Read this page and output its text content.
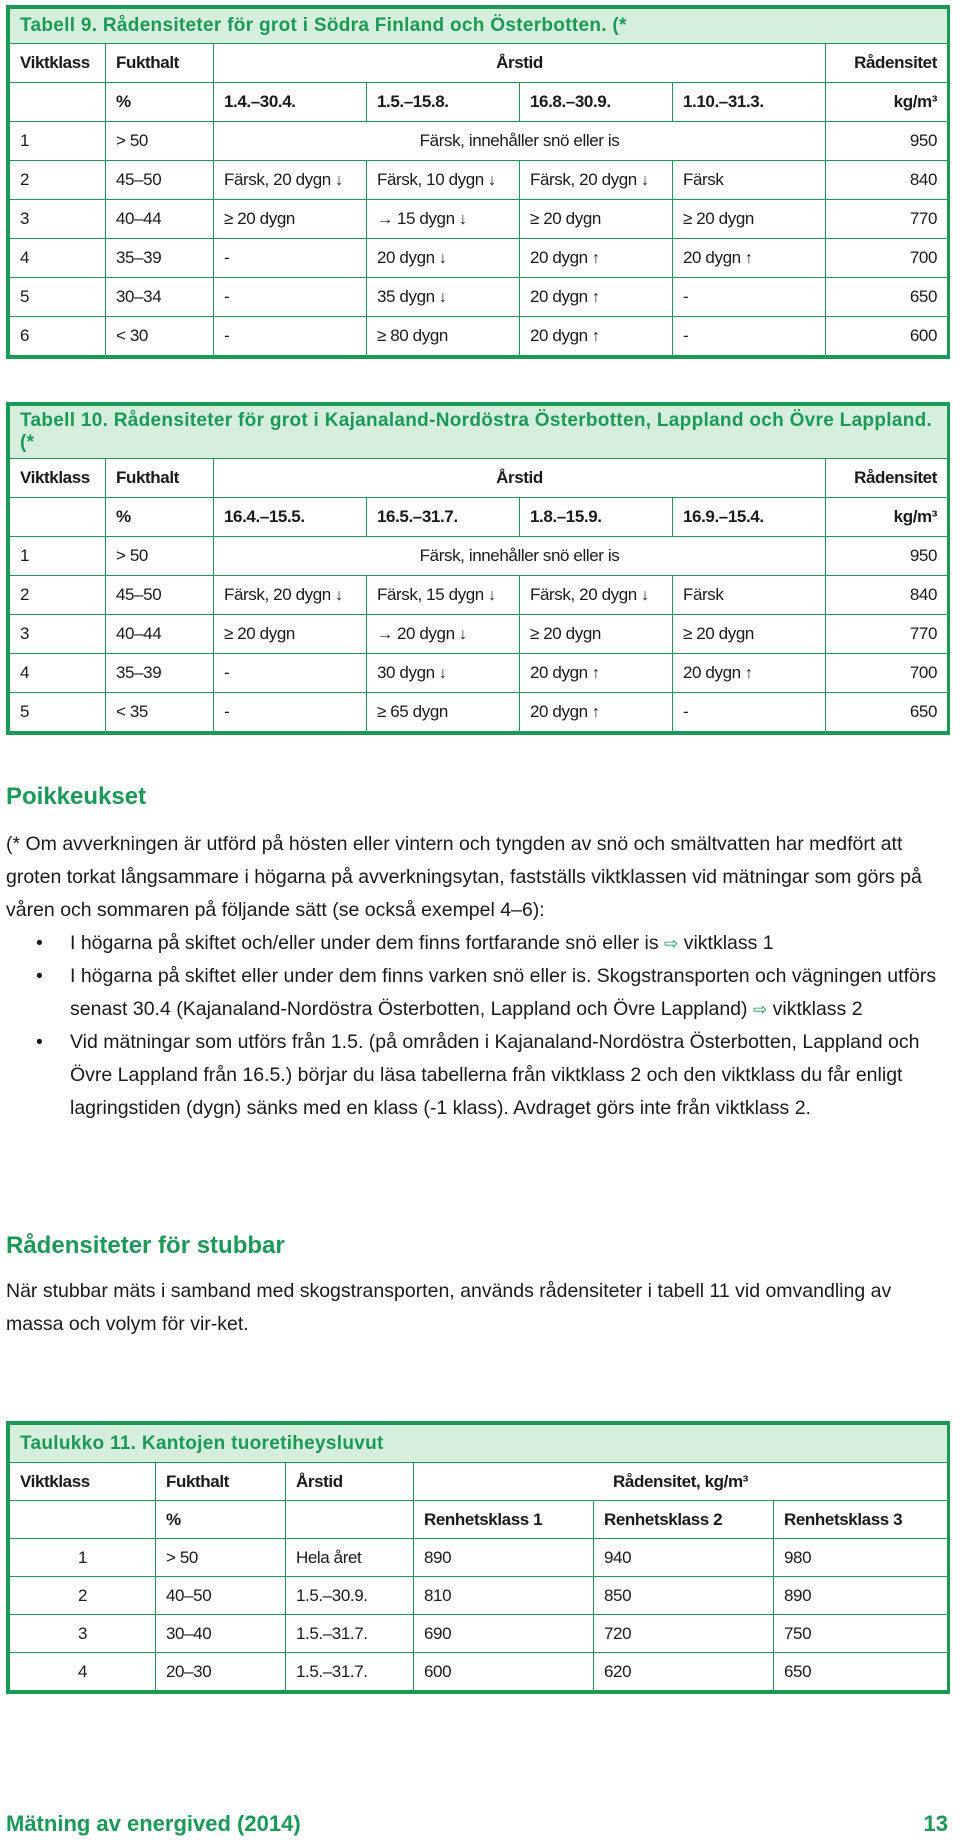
Tabell 9. Rådensiteter för grot i Södra Finland och Österbotten. (*						
Viktklass	Fukthalt	Årstid				Rådensitet
	%	1.4.–30.4.	1.5.–15.8.	16.8.–30.9.	1.10.–31.3.	kg/m³
1	> 50	Färsk, innehåller snö eller is				950
2	45–50	Färsk, 20 dygn ↓	Färsk, 10 dygn ↓	Färsk, 20 dygn ↓	Färsk	840
3	40–44	≥ 20 dygn	→ 15 dygn ↓	≥ 20 dygn	≥ 20 dygn	770
4	35–39	-	20 dygn ↓	20 dygn ↑	20 dygn ↑	700
5	30–34	-	35 dygn ↓	20 dygn ↑	-	650
6	< 30	-	≥ 80 dygn	20 dygn ↑	-	600
Tabell 10. Rådensiteter för grot i Kajanaland-Nordöstra Österbotten, Lappland och Övre Lappland. (*						
Viktklass	Fukthalt	Årstid				Rådensitet
	%	16.4.–15.5.	16.5.–31.7.	1.8.–15.9.	16.9.–15.4.	kg/m³
1	> 50	Färsk, innehåller snö eller is				950
2	45–50	Färsk, 20 dygn ↓	Färsk, 15 dygn ↓	Färsk, 20 dygn ↓	Färsk	840
3	40–44	≥ 20 dygn	→ 20 dygn ↓	≥ 20 dygn	≥ 20 dygn	770
4	35–39	-	30 dygn ↓	20 dygn ↑	20 dygn ↑	700
5	< 35	-	≥ 65 dygn	20 dygn ↑	-	650
Poikkeukset

(* Om avverkningen är utförd på hösten eller vintern och tyngden av snö och smältvatten har medfört att groten torkat långsammare i högarna på avverkningsytan, fastställs viktklassen vid mätningar som görs på våren och sommaren på följande sätt (se också exempel 4–6):

• I högarna på skiftet och/eller under dem finns fortfarande snö eller is ⇨ viktklass 1
• I högarna på skiftet eller under dem finns varken snö eller is. Skogstransporten och vägningen utförs senast 30.4 (Kajanaland-Nordöstra Österbotten, Lappland och Övre Lappland) ⇨ viktklass 2
• Vid mätningar som utförs från 1.5. (på områden i Kajanaland-Nordöstra Österbotten, Lappland och Övre Lappland från 16.5.) börjar du läsa tabellerna från viktklass 2 och den viktklass du får enligt lagringstiden (dygn) sänks med en klass (-1 klass). Avdraget görs inte från viktklass 2.
Rådensiteter för stubbar

När stubbar mäts i samband med skogstransporten, används rådensiteter i tabell 11 vid omvandling av massa och volym för vir-ket.

Taulukko 11. Kantojen tuoretiheysluvut					
Viktklass	Fukthalt	Årstid	Rådensitet, kg/m³		
	%		Renhetsklass 1	Renhetsklass 2	Renhetsklass 3
1	> 50	Hela året	890	940	980
2	40–50	1.5.–30.9.	810	850	890
3	30–40	1.5.–31.7.	690	720	750
4	20–30	1.5.–31.7.	600	620	650
Mätning av energived (2014)	13
